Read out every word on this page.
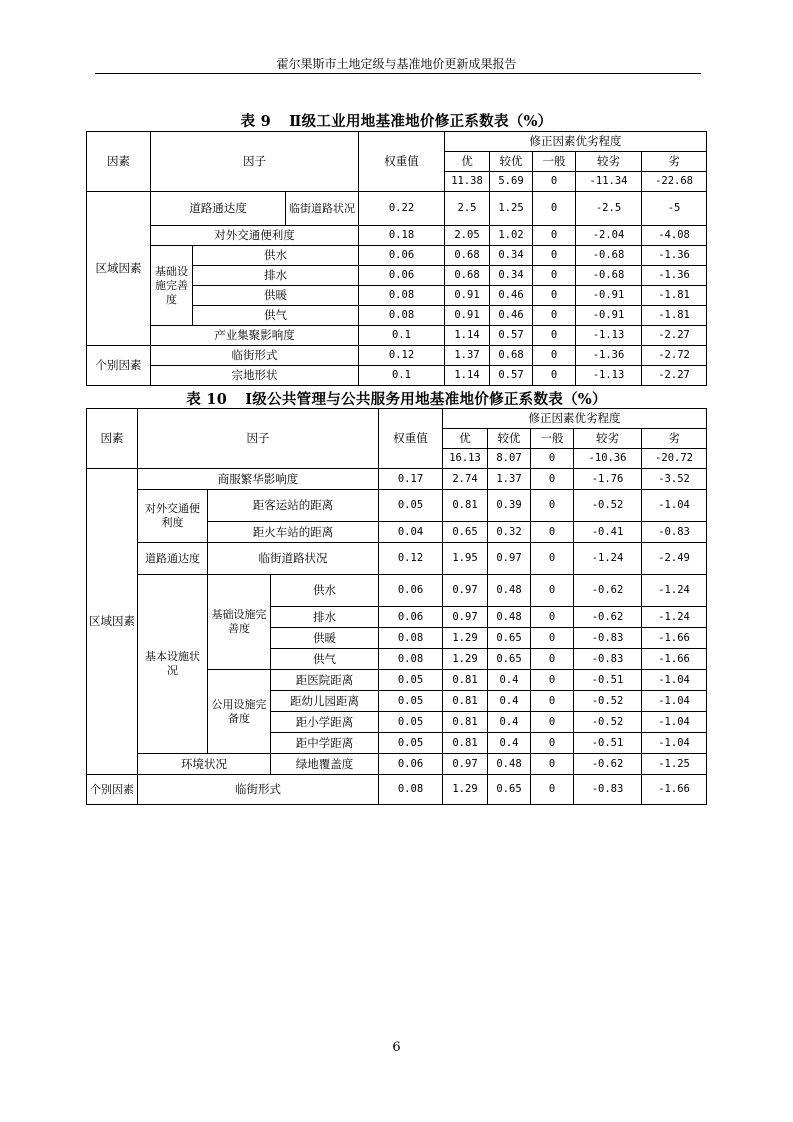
霍尔果斯市土地定级与基准地价更新成果报告
表 9 Ⅱ级工业用地基准地价修正系数表（%）
因素	因子			权重值	修正因素优劣程度				
					优	较优	一般	较劣	劣
					11.38	5.69	0	-11.34	-22.68
区域因素	道路通达度		临街道路状况	0.22	2.5	1.25	0	-2.5	-5
	对外交通便利度			0.18	2.05	1.02	0	-2.04	-4.08
	基础设施完善度	供水		0.06	0.68	0.34	0	-0.68	-1.36
		排水		0.06	0.68	0.34	0	-0.68	-1.36
		供暖		0.08	0.91	0.46	0	-0.91	-1.81
		供气		0.08	0.91	0.46	0	-0.91	-1.81
	产业集聚影响度			0.1	1.14	0.57	0	-1.13	-2.27
个别因素	临街形式			0.12	1.37	0.68	0	-1.36	-2.72
	宗地形状			0.1	1.14	0.57	0	-1.13	-2.27
表 10 Ⅰ级公共管理与公共服务用地基准地价修正系数表（%）
因素	因子			权重值	修正因素优劣程度				
					优	较优	一般	较劣	劣
					16.13	8.07	0	-10.36	-20.72
区域因素	商服繁华影响度			0.17	2.74	1.37	0	-1.76	-3.52
	对外交通便利度	距客运站的距离		0.05	0.81	0.39	0	-0.52	-1.04
		距火车站的距离		0.04	0.65	0.32	0	-0.41	-0.83
	道路通达度	临街道路状况		0.12	1.95	0.97	0	-1.24	-2.49
	基本设施状况	基础设施完善度	供水	0.06	0.97	0.48	0	-0.62	-1.24
			排水	0.06	0.97	0.48	0	-0.62	-1.24
			供暖	0.08	1.29	0.65	0	-0.83	-1.66
			供气	0.08	1.29	0.65	0	-0.83	-1.66
		公用设施完备度	距医院距离	0.05	0.81	0.4	0	-0.51	-1.04
			距幼儿园距离	0.05	0.81	0.4	0	-0.52	-1.04
			距小学距离	0.05	0.81	0.4	0	-0.52	-1.04
			距中学距离	0.05	0.81	0.4	0	-0.51	-1.04
	环境状况		绿地覆盖度	0.06	0.97	0.48	0	-0.62	-1.25
个别因素	临街形式			0.08	1.29	0.65	0	-0.83	-1.66
6
